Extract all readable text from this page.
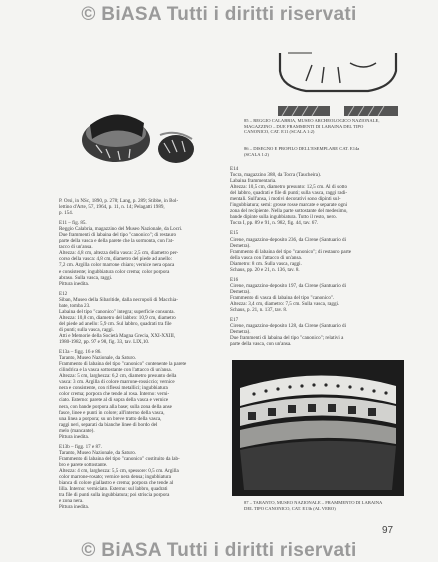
© BiASA Tutti i diritti riservati

85 – REGGIO CALABRIA, MUSEO ARCHEOLOGICO NAZIONALE,

MAGAZZINO – DUE FRAMMENTI DI LABAINA DEL TIPO

CANONICO, CAT. E11 (SCALA 1:2)

86 – DISEGNO E PROFILO DELL'ESEMPLARE CAT. E14a

(SCALA 1:2)

P. Orsi, in NSc, 1890, p. 278; Lang, p. 289; Stibbe, in Bol-

lettino d'Arte, 57, 1964, p. 11, n. 14; Pelagatti 1989,

p. 154.

E11 – fig. 85.

Reggio Calabria, magazzino del Museo Nazionale, da Locri.

Due frammenti di labaina del tipo "canonico"; di restauro

parte della vasca e della parete che la sormonta, con l'at-

tacco di un'ansa.

Altezza: 4,8 cm, altezza della vasca: 2,5 cm, diametro per-

corso della vasca: 4,8 cm, diametro del piede ad anello:

7,2 cm. Argilla color marrone chiaro; vernice nera opaca

e consistente; ingubbiatura color crema; color porpora

abraso. Sulla vasca, raggi.

Pittura inedita.

E12

Siban, Museo della Sibaritide, dalla necropoli di Macchia-

bate, tomba 23.

Labaina del tipo "canonico" integra; superficie consunta.

Altezza: 10,8 cm, diametro del labbro: 10,9 cm, diametro

del piede ad anello: 5,9 cm. Sul labbro, quadrati tra file

di punti; sulla vasca, raggi.

Atti e Memorie della Società Magna Grecia, XXI-XXIII,

1980-1982, pp. 97 e 98, fig. 33, tav. LIX,10.

E13a – figg. 16 e 86.

Taranto, Museo Nazionale, da Saturo.

Frammento di labaina del tipo "canonico" contenente la parete

cilindrica e la vasca sottostante con l'attacco di un'ansa.

Altezza: 5 cm, larghezza: 6,2 cm, diametro presunto della

vasca: 3 cm. Argilla di colore marrone-rossiccio; vernice

nera e consistente, con riflessi metallici; ingubbiatura

color crema; porpora che tende al rosa. Interno: verni-

ciato. Esterno: parete al di sopra della vasca e vernice

nera, con bande porpora alla base; sulla zona della anse

fasce, linee e punti in colore; all'interno della vasca,

una linea a porpora; su un breve tratto della vasca,

raggi neri, separati da bianche linee di bordo del

melo (mancante).

Pittura inedita.

E13b – figg. 17 e 87.

Taranto, Museo Nazionale, da Saturo.

Frammento di labaina del tipo "canonico" costituito da lab-

bro e parete sottostante.

Altezza: 4 cm, larghezza: 5,5 cm, spessore: 0,5 cm. Argilla

color marrone-rosato; vernice nera densa; ingubbiatura

bianca di colore giallastro e crema; porpora che tende al

lilla. Interno: verniciato. Esterno: sul labbro, quadrati

tra file di punti sulla ingubbiatura; poi striscia porpora

e zona nera.

Pittura inedita.

E14

Tocra, magazzino 388, da Tocra (Taucheira).

Labaina frammentaria.

Altezza: 10,5 cm, diametro presunto: 12,5 cm. Al di sotto

del labbro, quadrati e file di punti; sulla vasca, raggi radi-

mentali. Sull'ansa, i motivi decorativi sono dipinti sul-

l'ingubbiatura; semi: grosse rosse marcate e separate ogni

zona del recipiente. Nella parte sottostante del medesimo,

bande dipinte sulla ingubbiatura. Tutto il resto, nero.

Tocra I, pp. 89 e 91, n. 982, fig. 44, tav. 67.

E15

Cirene, magazzino-deposito 236, da Cirene (Santuario di

Demetra).

Frammento di labaina del tipo "canonico"; di restauro parte

della vasca con l'attacco di un'ansa.

Diametro: 8 cm. Sulla vasca, raggi.

Schaus, pp. 20 e 21, n. 136, tav. 8.

E16

Cirene, magazzino-deposito 197, da Cirene (Santuario di

Demetra).

Frammento di vasca di labaina del tipo "canonico".

Altezza: 3,4 cm, diametro: 7,5 cm. Sulla vasca, raggi.

Schaus, p. 21, n. 137, tav. 8.

E17

Cirene, magazzino-deposito 128, da Cirene (Santuario di

Demetra).

Due frammenti di labaina del tipo "canonico"; relativi a

parte della vasca, con un'ansa.

87 – TARANTO, MUSEO NAZIONALE – FRAMMENTO DI LABAINA

DEL TIPO CANONICO, CAT. E13b (AL VERO)

97
© BiASA Tutti i diritti riservati
